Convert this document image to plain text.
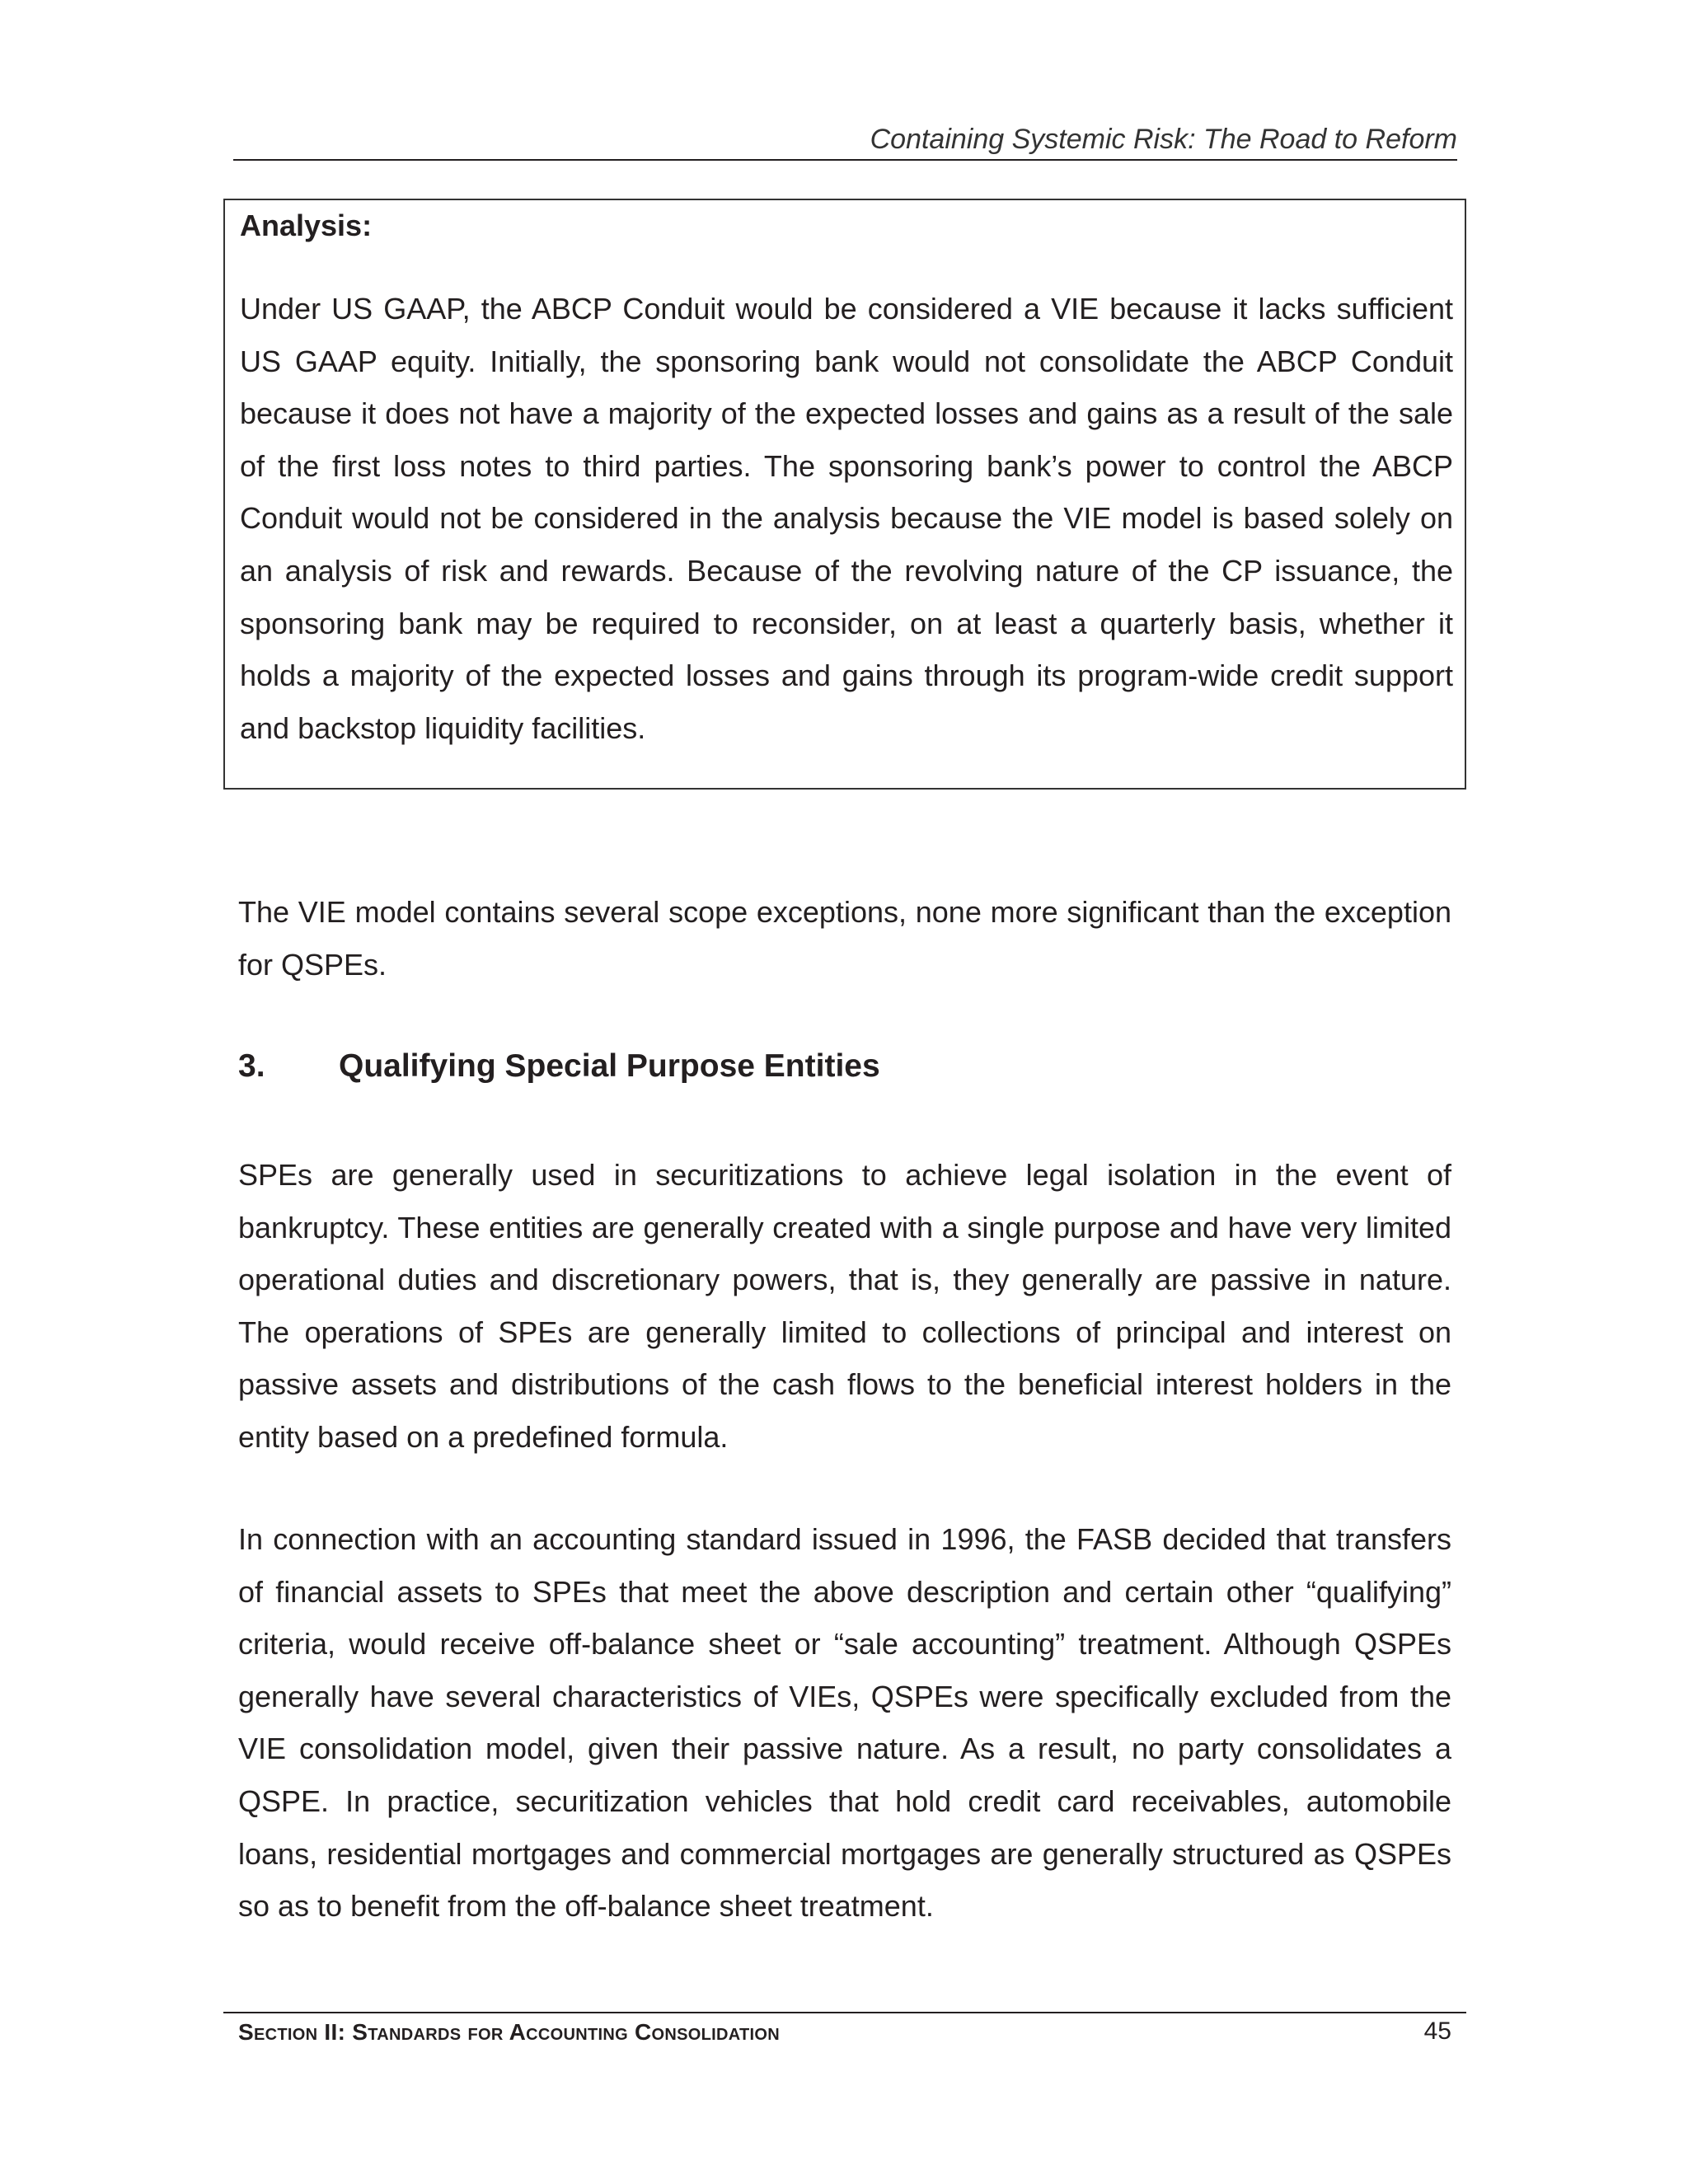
Containing Systemic Risk: The Road to Reform
Analysis:

Under US GAAP, the ABCP Conduit would be considered a VIE because it lacks sufficient US GAAP equity. Initially, the sponsoring bank would not consolidate the ABCP Conduit because it does not have a majority of the expected losses and gains as a result of the sale of the first loss notes to third parties. The sponsoring bank’s power to control the ABCP Conduit would not be considered in the analysis because the VIE model is based solely on an analysis of risk and rewards. Because of the revolving nature of the CP issuance, the sponsoring bank may be required to reconsider, on at least a quarterly basis, whether it holds a majority of the expected losses and gains through its program-wide credit support and backstop liquidity facilities.

The VIE model contains several scope exceptions, none more significant than the exception for QSPEs.

3. Qualifying Special Purpose Entities

SPEs are generally used in securitizations to achieve legal isolation in the event of bankruptcy. These entities are generally created with a single purpose and have very limited operational duties and discretionary powers, that is, they generally are passive in nature. The operations of SPEs are generally limited to collections of principal and interest on passive assets and distributions of the cash flows to the beneficial interest holders in the entity based on a predefined formula.

In connection with an accounting standard issued in 1996, the FASB decided that transfers of financial assets to SPEs that meet the above description and certain other “qualifying” criteria, would receive off-balance sheet or “sale accounting” treatment. Although QSPEs generally have several characteristics of VIEs, QSPEs were specifically excluded from the VIE consolidation model, given their passive nature. As a result, no party consolidates a QSPE. In practice, securitization vehicles that hold credit card receivables, automobile loans, residential mortgages and commercial mortgages are generally structured as QSPEs so as to benefit from the off-balance sheet treatment.

Section II: Standards for Accounting Consolidation	45
